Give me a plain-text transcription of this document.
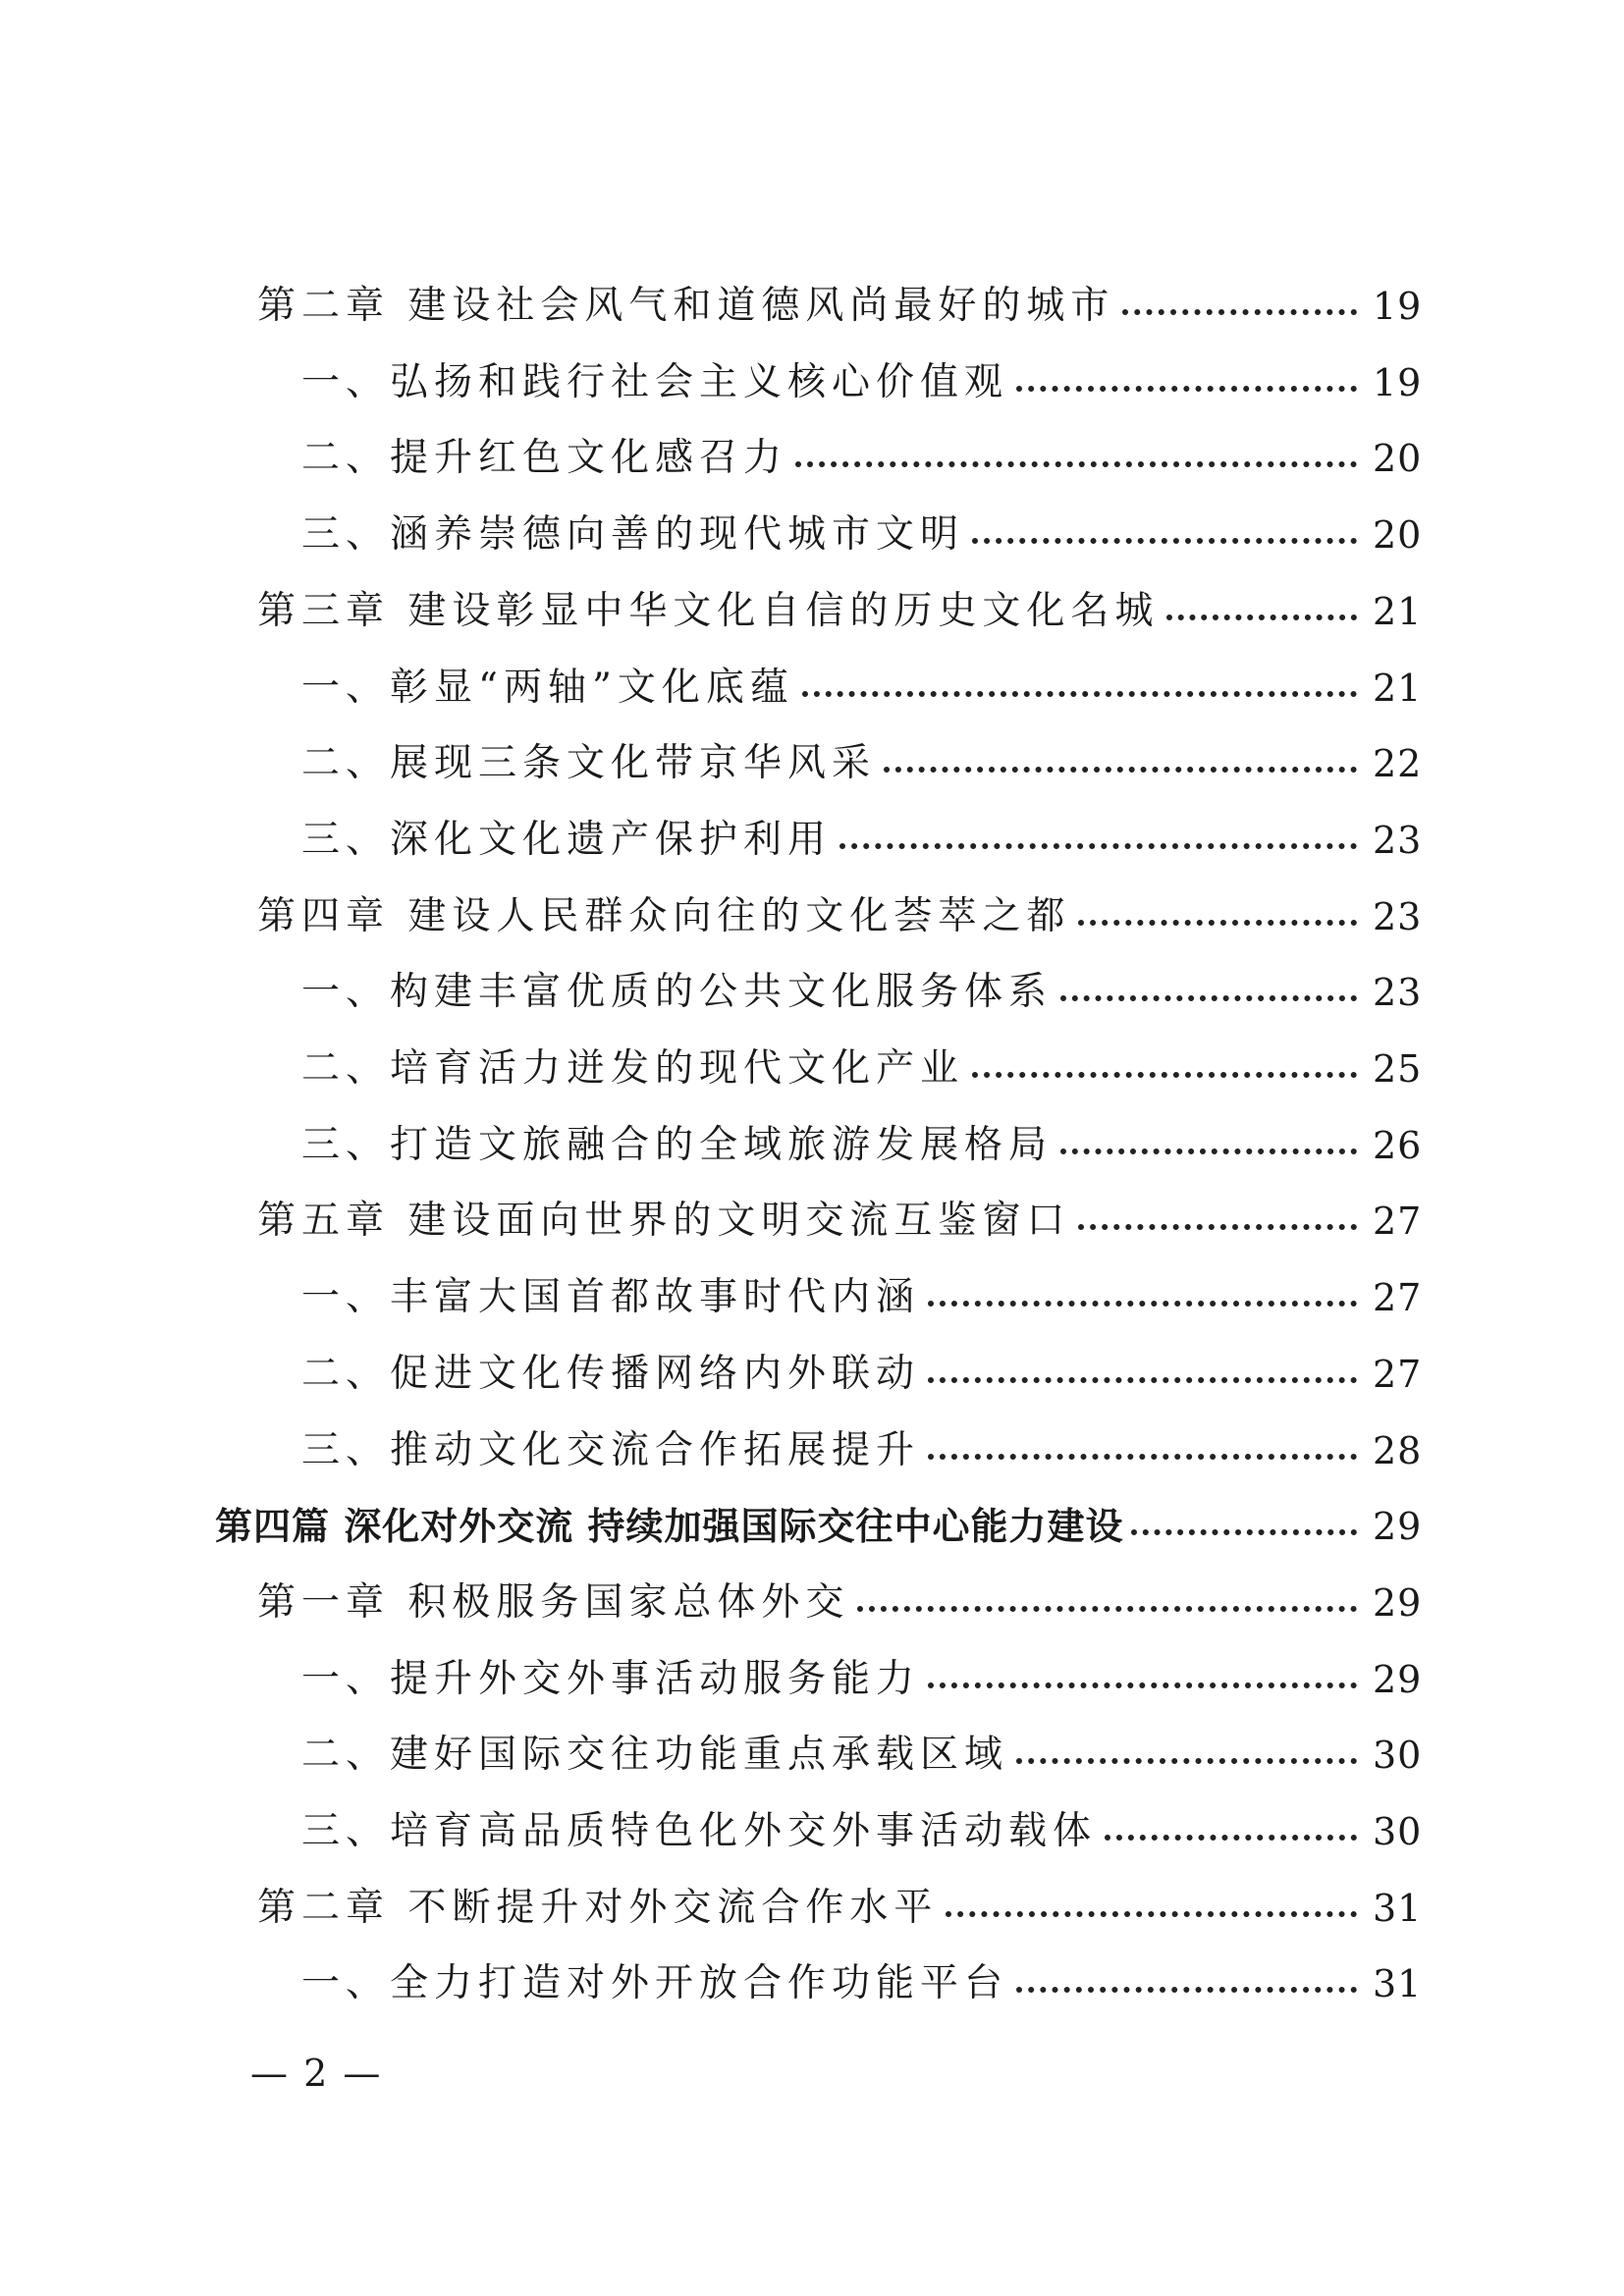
第二章 建设社会风气和道德风尚最好的城市	19
一、弘扬和践行社会主义核心价值观	19
二、提升红色文化感召力	20
三、涵养崇德向善的现代城市文明	20
第三章 建设彰显中华文化自信的历史文化名城	21
一、彰显“两轴”文化底蕴	21
二、展现三条文化带京华风采	22
三、深化文化遗产保护利用	23
第四章 建设人民群众向往的文化荟萃之都	23
一、构建丰富优质的公共文化服务体系	23
二、培育活力迸发的现代文化产业	25
三、打造文旅融合的全域旅游发展格局	26
第五章 建设面向世界的文明交流互鉴窗口	27
一、丰富大国首都故事时代内涵	27
二、促进文化传播网络内外联动	27
三、推动文化交流合作拓展提升	28
第四篇 深化对外交流 持续加强国际交往中心能力建设	29
第一章 积极服务国家总体外交	29
一、提升外交外事活动服务能力	29
二、建好国际交往功能重点承载区域	30
三、培育高品质特色化外交外事活动载体	30
第二章 不断提升对外交流合作水平	31
一、全力打造对外开放合作功能平台	31
— 2 —
